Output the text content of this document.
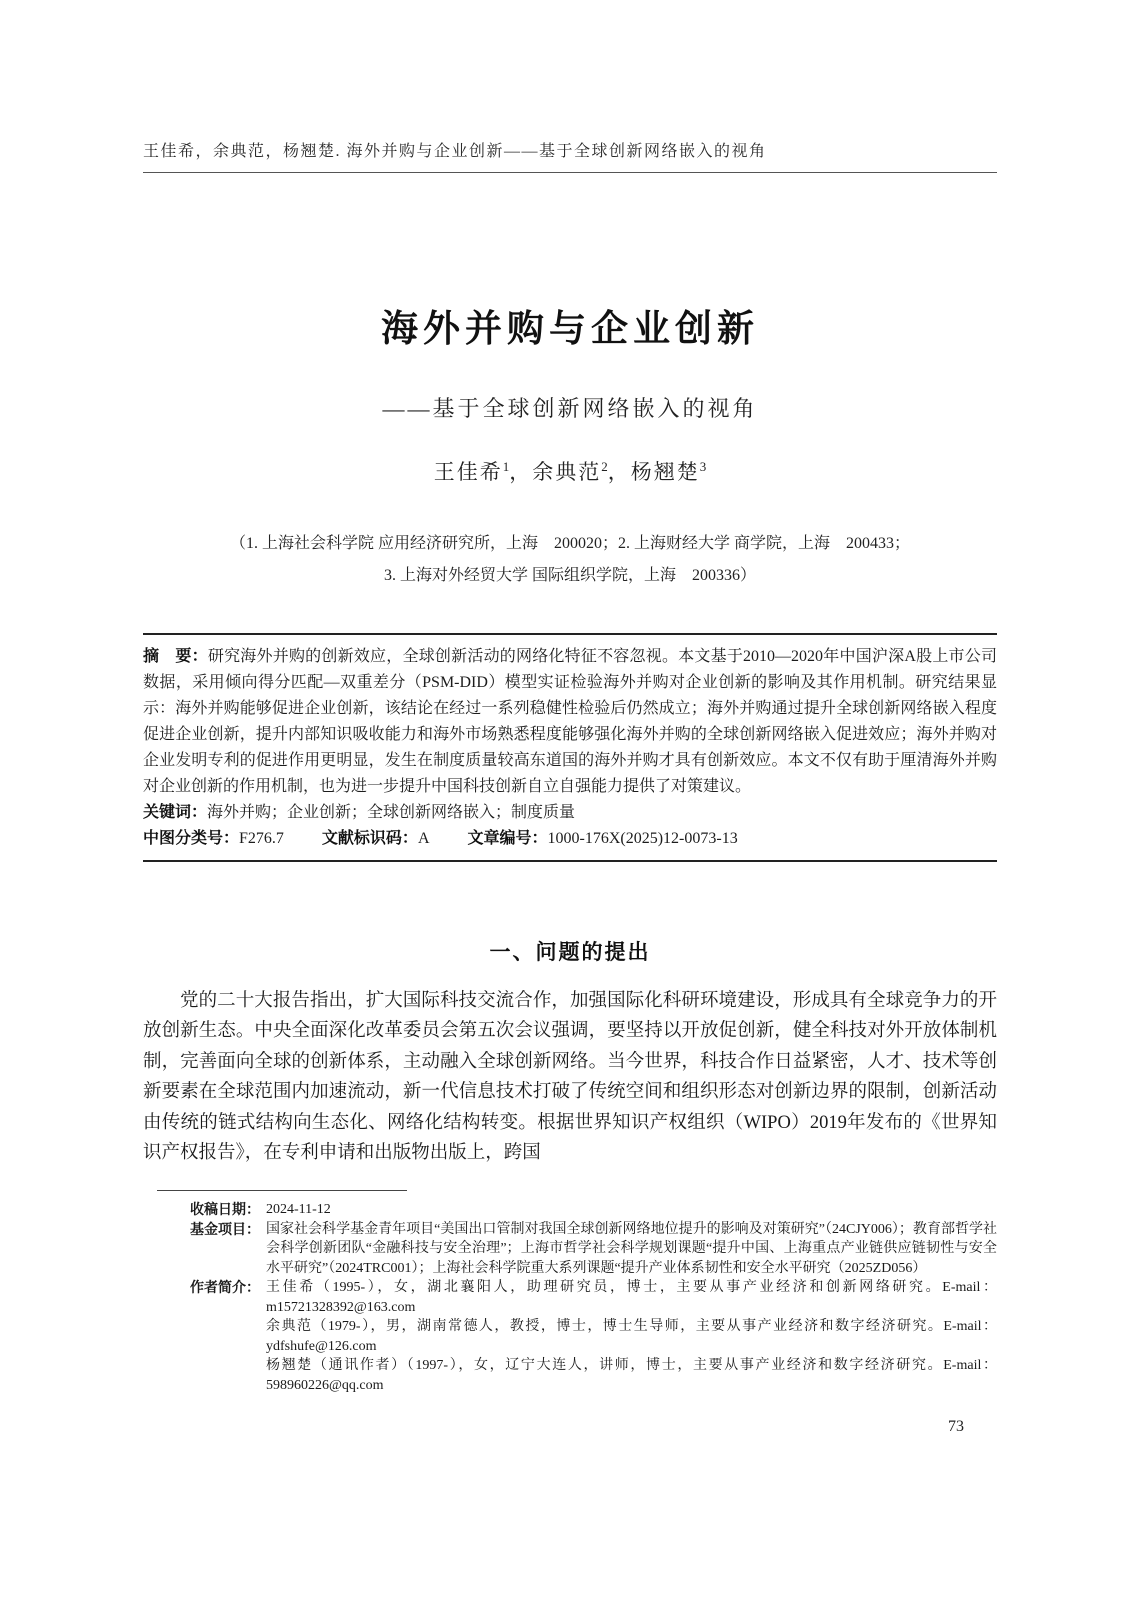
王佳希，余典范，杨翘楚. 海外并购与企业创新——基于全球创新网络嵌入的视角
海外并购与企业创新
——基于全球创新网络嵌入的视角
王佳希$^1$，余典范$^2$，杨翘楚$^3$
（1. 上海社会科学院 应用经济研究所，上海　200020；2. 上海财经大学 商学院，上海　200433；
3. 上海对外经贸大学 国际组织学院，上海　200336）

摘　要：研究海外并购的创新效应，全球创新活动的网络化特征不容忽视。本文基于2010—2020年中国沪深A股上市公司数据，采用倾向得分匹配—双重差分（PSM-DID）模型实证检验海外并购对企业创新的影响及其作用机制。研究结果显示：海外并购能够促进企业创新，该结论在经过一系列稳健性检验后仍然成立；海外并购通过提升全球创新网络嵌入程度促进企业创新，提升内部知识吸收能力和海外市场熟悉程度能够强化海外并购的全球创新网络嵌入促进效应；海外并购对企业发明专利的促进作用更明显，发生在制度质量较高东道国的海外并购才具有创新效应。本文不仅有助于厘清海外并购对企业创新的作用机制，也为进一步提升中国科技创新自立自强能力提供了对策建议。

关键词：海外并购；企业创新；全球创新网络嵌入；制度质量

中图分类号：F276.7 文献标识码：A 文章编号：1000-176X(2025)12-0073-13

一、问题的提出
党的二十大报告指出，扩大国际科技交流合作，加强国际化科研环境建设，形成具有全球竞争力的开放创新生态。中央全面深化改革委员会第五次会议强调，要坚持以开放促创新，健全科技对外开放体制机制，完善面向全球的创新体系，主动融入全球创新网络。当今世界，科技合作日益紧密，人才、技术等创新要素在全球范围内加速流动，新一代信息技术打破了传统空间和组织形态对创新边界的限制，创新活动由传统的链式结构向生态化、网络化结构转变。根据世界知识产权组织（WIPO）2019年发布的《世界知识产权报告》，在专利申请和出版物出版上，跨国
收稿日期： 2024-11-12
基金项目： 国家社会科学基金青年项目“美国出口管制对我国全球创新网络地位提升的影响及对策研究”（24CJY006）；教育部哲学社会科学创新团队“金融科技与安全治理”；上海市哲学社会科学规划课题“提升中国、上海重点产业链供应链韧性与安全水平研究”（2024TRC001）；上海社会科学院重大系列课题“提升产业体系韧性和安全水平研究（2025ZD056）
作者简介： 王佳希（1995-），女，湖北襄阳人，助理研究员，博士，主要从事产业经济和创新网络研究。E-mail：m15721328392@163.com
余典范（1979-），男，湖南常德人，教授，博士，博士生导师，主要从事产业经济和数字经济研究。E-mail：ydfshufe@126.com
杨翘楚（通讯作者）（1997-），女，辽宁大连人，讲师，博士，主要从事产业经济和数字经济研究。E-mail：598960226@qq.com
73
